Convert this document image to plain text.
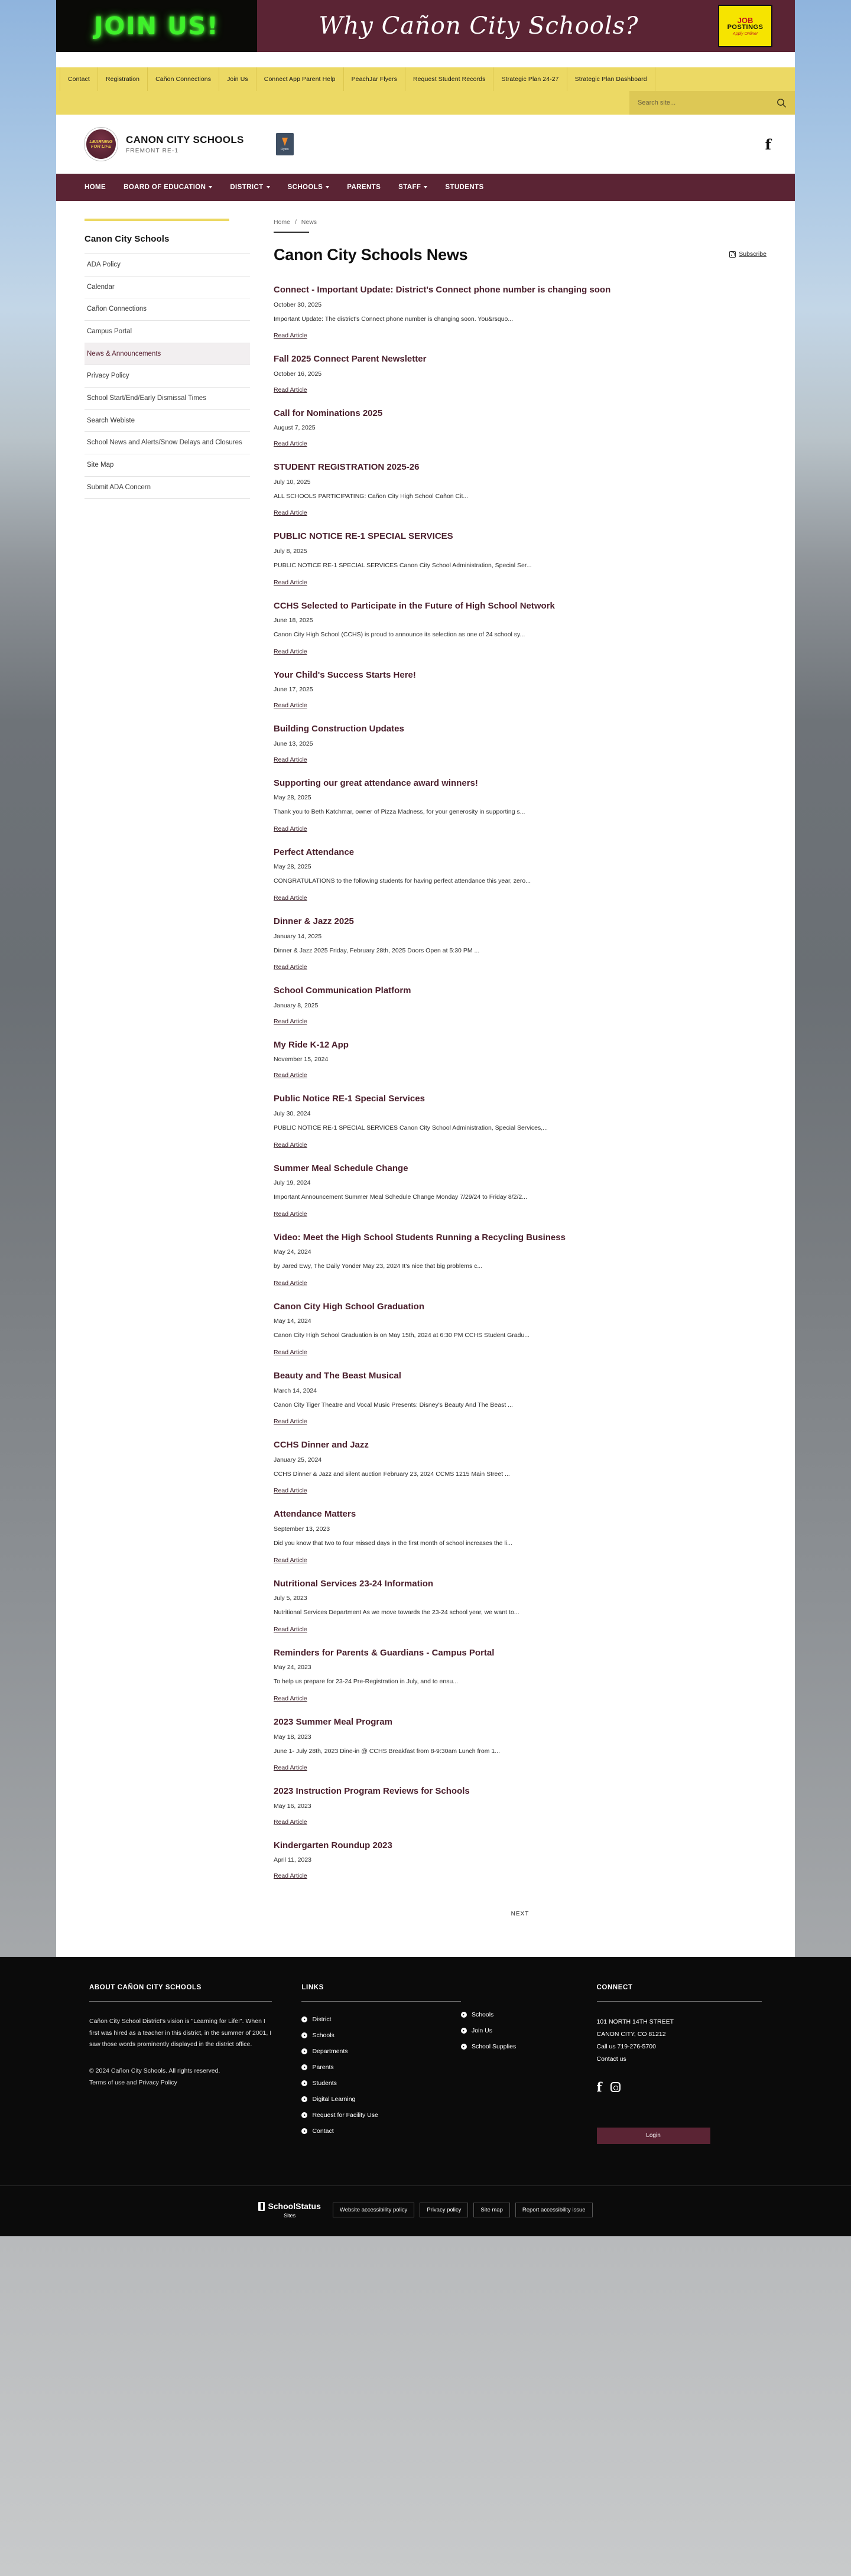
JOIN US!	Why Cañon City Schools?	JOB
POSTINGS
Apply Online!
Contact	Registration	Cañon Connections	Join Us	Connect App Parent Help	PeachJar Flyers	Request Student Records	Strategic Plan 24-27	Strategic Plan Dashboard
Search site...
LEARNING FOR LIFE
CANON CITY SCHOOLS
FREMONT RE-1	Flyers	f
HOME	BOARD OF EDUCATION	DISTRICT	SCHOOLS	PARENTS	STAFF	STUDENTS
Canon City Schools
ADA Policy
Calendar
Cañon Connections
Campus Portal
News & Announcements
Privacy Policy
School Start/End/Early Dismissal Times
Search Webiste
School News and Alerts/Snow Delays and Closures
Site Map
Submit ADA Concern
Home / News
Canon City Schools News	Subscribe
Connect - Important Update: District's Connect phone number is changing soon
October 30, 2025

Important Update: The district's Connect phone number is changing soon. You&rsquo...

Read Article
Fall 2025 Connect Parent Newsletter
October 16, 2025
Read Article
Call for Nominations 2025
August 7, 2025
Read Article
STUDENT REGISTRATION 2025-26
July 10, 2025

ALL SCHOOLS PARTICIPATING: Cañon City High School Cañon Cit...

Read Article
PUBLIC NOTICE RE-1 SPECIAL SERVICES
July 8, 2025

PUBLIC NOTICE RE-1 SPECIAL SERVICES Canon City School Administration, Special Ser...

Read Article
CCHS Selected to Participate in the Future of High School Network
June 18, 2025

Canon City High School (CCHS) is proud to announce its selection as one of 24 school sy...

Read Article
Your Child's Success Starts Here!
June 17, 2025
Read Article
Building Construction Updates
June 13, 2025
Read Article
Supporting our great attendance award winners!
May 28, 2025

Thank you to Beth Katchmar, owner of Pizza Madness, for your generosity in supporting s...

Read Article
Perfect Attendance
May 28, 2025

CONGRATULATIONS to the following students for having perfect attendance this year, zero...

Read Article
Dinner & Jazz 2025
January 14, 2025

Dinner & Jazz 2025 Friday, February 28th, 2025 Doors Open at 5:30 PM ...

Read Article
School Communication Platform
January 8, 2025
Read Article
My Ride K-12 App
November 15, 2024
Read Article
Public Notice RE-1 Special Services
July 30, 2024

PUBLIC NOTICE RE-1 SPECIAL SERVICES Canon City School Administration, Special Services,...

Read Article
Summer Meal Schedule Change
July 19, 2024

Important Announcement Summer Meal Schedule Change Monday 7/29/24 to Friday 8/2/2...

Read Article
Video: Meet the High School Students Running a Recycling Business
May 24, 2024

by Jared Ewy, The Daily Yonder May 23, 2024 It’s nice that big problems c...

Read Article
Canon City High School Graduation
May 14, 2024

Canon City High School Graduation is on May 15th, 2024 at 6:30 PM CCHS Student Gradu...

Read Article
Beauty and The Beast Musical
March 14, 2024

Canon City Tiger Theatre and Vocal Music Presents: Disney's Beauty And The Beast ...

Read Article
CCHS Dinner and Jazz
January 25, 2024

CCHS Dinner & Jazz and silent auction February 23, 2024 CCMS 1215 Main Street ...

Read Article
Attendance Matters
September 13, 2023

Did you know that two to four missed days in the first month of school increases the li...

Read Article
Nutritional Services 23-24 Information
July 5, 2023

Nutritional Services Department As we move towards the 23-24 school year, we want to...

Read Article
Reminders for Parents & Guardians - Campus Portal
May 24, 2023

To help us prepare for 23-24 Pre-Registration in July, and to ensu...

Read Article
2023 Summer Meal Program
May 18, 2023

June 1- July 28th, 2023 Dine-in @ CCHS Breakfast from 8-9:30am Lunch from 1...

Read Article
2023 Instruction Program Reviews for Schools
May 16, 2023
Read Article
Kindergarten Roundup 2023
April 11, 2023
Read Article
NEXT
ABOUT CAÑON CITY SCHOOLS

Cañon City School District's vision is "Learning for Life!". When I first was hired as a teacher in this district, in the summer of 2001, I saw those words prominently displayed in the district office.

© 2024 Cañon City Schools. All rights reserved.
Terms of use and Privacy Policy
LINKS
District
Schools
Departments
Parents
Students
Digital Learning
Request for Facility Use
Contact
Schools
Join Us
School Supplies
CONNECT
101 NORTH 14TH STREET
CANON CITY, CO 81212
Call us 719-276-5700
Contact us
f
Login
SchoolStatus
Sites
Website accessibility policy	Privacy policy	Site map	Report accessibility issue
